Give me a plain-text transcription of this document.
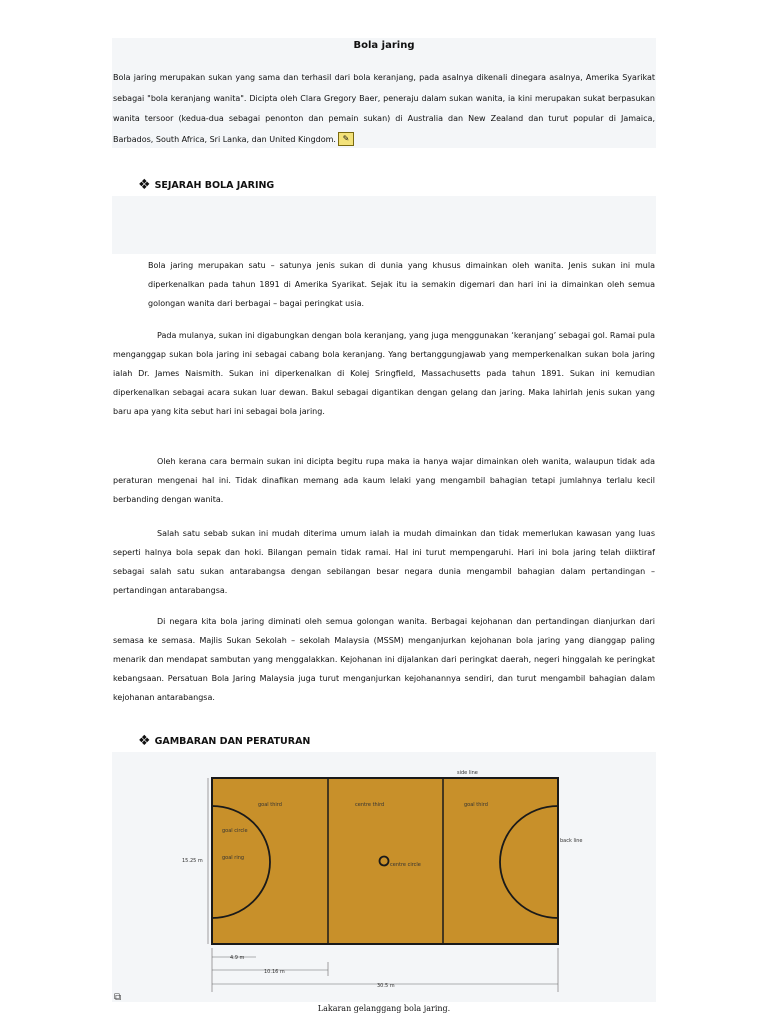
Bola jaring

Bola jaring merupakan sukan yang sama dan terhasil dari bola keranjang, pada asalnya dikenali dinegara asalnya, Amerika Syarikat sebagai "bola keranjang wanita". Dicipta oleh Clara Gregory Baer, peneraju dalam sukan wanita, ia kini merupakan sukat berpasukan wanita tersoor (kedua-dua sebagai penonton dan pemain sukan) di Australia dan New Zealand dan turut popular di Jamaica, Barbados, South Africa, Sri Lanka, dan United Kingdom. ✎

❖ SEJARAH BOLA JARING

Bola jaring merupakan satu – satunya jenis sukan di dunia yang khusus dimainkan oleh wanita. Jenis sukan ini mula diperkenalkan pada tahun 1891 di Amerika Syarikat. Sejak itu ia semakin digemari dan hari ini ia dimainkan oleh semua golongan wanita dari berbagai – bagai peringkat usia.

Pada mulanya, sukan ini digabungkan dengan bola keranjang, yang juga menggunakan ‘keranjang’ sebagai gol. Ramai pula menganggap sukan bola jaring ini sebagai cabang bola keranjang. Yang bertanggungjawab yang memperkenalkan sukan bola jaring ialah Dr. James Naismith. Sukan ini diperkenalkan di Kolej Sringfield, Massachusetts pada tahun 1891. Sukan ini kemudian diperkenalkan sebagai acara sukan luar dewan. Bakul sebagai digantikan dengan gelang dan jaring. Maka lahirlah jenis sukan yang baru apa yang kita sebut hari ini sebagai bola jaring.

Oleh kerana cara bermain sukan ini dicipta begitu rupa maka ia hanya wajar dimainkan oleh wanita, walaupun tidak ada peraturan mengenai hal ini. Tidak dinafikan memang ada kaum lelaki yang mengambil bahagian tetapi jumlahnya terlalu kecil berbanding dengan wanita.

Salah satu sebab sukan ini mudah diterima umum ialah ia mudah dimainkan dan tidak memerlukan kawasan yang luas seperti halnya bola sepak dan hoki. Bilangan pemain tidak ramai. Hal ini turut mempengaruhi. Hari ini bola jaring telah diiktiraf sebagai salah satu sukan antarabangsa dengan sebilangan besar negara dunia mengambil bahagian dalam pertandingan – pertandingan antarabangsa.

Di negara kita bola jaring diminati oleh semua golongan wanita. Berbagai kejohanan dan pertandingan dianjurkan dari semasa ke semasa. Majlis Sukan Sekolah – sekolah Malaysia (MSSM) menganjurkan kejohanan bola jaring yang dianggap paling menarik dan mendapat sambutan yang menggalakkan. Kejohanan ini dijalankan dari peringkat daerah, negeri hinggalah ke peringkat kebangsaan. Persatuan Bola Jaring Malaysia juga turut menganjurkan kejohanannya sendiri, dan turut mengambil bahagian dalam kejohanan antarabangsa.

❖ GAMBARAN DAN PERATURAN
side line
back line
goal third	centre third	goal third
goal circle
goal ring
centre circle
15.25 m
4.9 m
10.16 m
30.5 m
⧉
Lakaran gelanggang bola jaring.
